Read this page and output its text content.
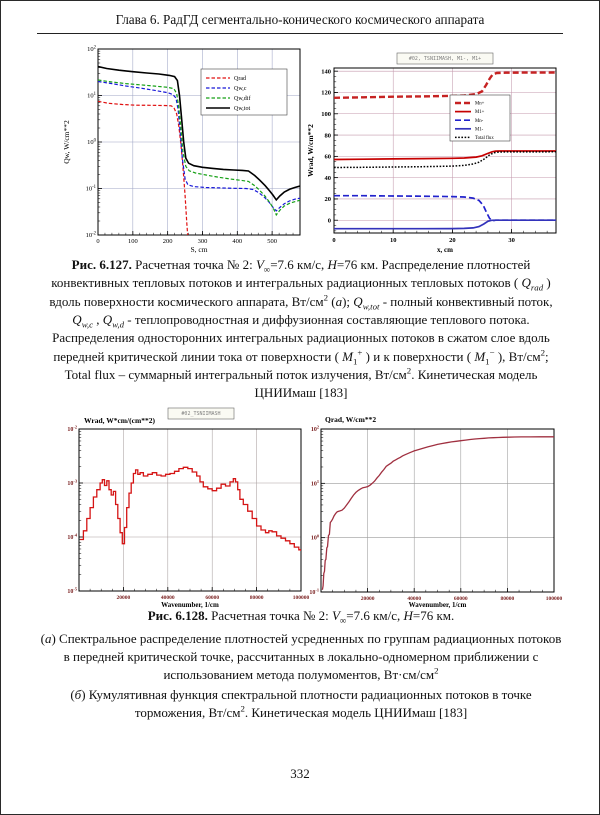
Глава 6. РадГД сегментально-конического космического аппарата
0	100	200	300	400	500
$10^2$
$10^1$
$10^0$
$10^{-1}$
$10^{-2}$
Qrad
Qw,c
Qw,dif
Qw,tot
S, cm
Qw, W/cm**2
0	10	20	30
0
20
40
60
80
100
120
140
Mn+
M1+
Mn-
M1-
Total flux
#02, TSNIIMASH, M1-, M1+
x, cm
Wrad, W/cm**2
Рис. 6.127. Расчетная точка № 2: $V_\infty=7.6$ км/с, H=76 км. Распределение плотностей конвективных тепловых потоков и интегральных радиационных тепловых потоков ( $Q_{rad}$ ) вдоль поверхности космического аппарата, $Вт/см^2$ (а); $Q_{w,tot}$ - полный конвективный поток, $Q_{w,c}$ , $Q_{w,d}$ - теплопроводностная и диффузионная составляющие теплового потока. Распределения односторонних интегральных радиационных потоков в сжатом слое вдоль передней критической линии тока от поверхности ( $M_1^+$ ) и к поверхности ( $M_1^-$ ), $Вт/см^2$; Total flux – суммарный интегральный поток излучения, $Вт/см^2$. Кинетическая модель ЦНИИмаш [183]
20000	40000	60000	80000	100000
$10^{-2}$
$10^{-3}$
$10^{-4}$
$10^{-5}$
#02_TSNIIMASH
Wavenumber, 1/cm
Wrad, W*cm/(cm**2)
20000	40000	60000	80000	100000
$10^2$
$10^1$
$10^0$
$10^{-1}$
Wavenumber, 1/cm
Qrad, W/cm**2
Рис. 6.128. Расчетная точка № 2: $V_\infty=7.6$ км/с, H=76 км.

(а) Спектральное распределение плотностей усредненных по группам радиационных потоков в передней критической точке, рассчитанных в локально-одномерном приближении с использованием метода полумоментов, $Вт\cdot см/см^2$

(б) Кумулятивная функция спектральной плотности радиационных потоков в точке торможения, $Вт/см^2$. Кинетическая модель ЦНИИмаш [183]

332
